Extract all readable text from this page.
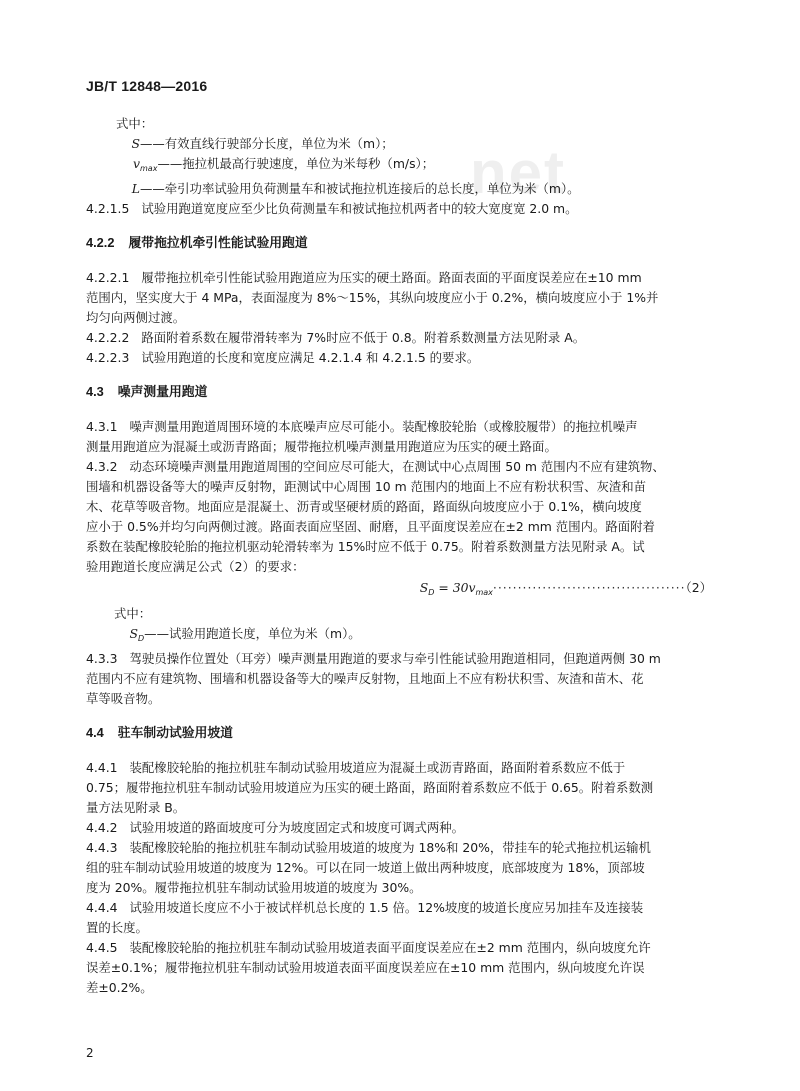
JB/T 12848—2016
net

式中：

S——有效直线行驶部分长度，单位为米（m）；

$v_{max}——$拖拉机最高行驶速度，单位为米每秒（m/s）；

L——牵引功率试验用负荷测量车和被试拖拉机连接后的总长度，单位为米（m）。

4.2.1.5 试验用跑道宽度应至少比负荷测量车和被试拖拉机两者中的较大宽度宽 2.0 m。

4.2.2 履带拖拉机牵引性能试验用跑道

4.2.2.1 履带拖拉机牵引性能试验用跑道应为压实的硬土路面。路面表面的平面度误差应在±10 mm
范围内，坚实度大于 4 MPa，表面湿度为 8%～15%，其纵向坡度应小于 0.2%，横向坡度应小于 1%并
均匀向两侧过渡。

4.2.2.2 路面附着系数在履带滑转率为 7%时应不低于 0.8。附着系数测量方法见附录 A。

4.2.2.3 试验用跑道的长度和宽度应满足 4.2.1.4 和 4.2.1.5 的要求。

4.3 噪声测量用跑道

4.3.1 噪声测量用跑道周围环境的本底噪声应尽可能小。装配橡胶轮胎（或橡胶履带）的拖拉机噪声
测量用跑道应为混凝土或沥青路面；履带拖拉机噪声测量用跑道应为压实的硬土路面。

4.3.2 动态环境噪声测量用跑道周围的空间应尽可能大，在测试中心点周围 50 m 范围内不应有建筑物、
围墙和机器设备等大的噪声反射物，距测试中心周围 10 m 范围内的地面上不应有粉状积雪、灰渣和苗
木、花草等吸音物。地面应是混凝土、沥青或坚硬材质的路面，路面纵向坡度应小于 0.1%，横向坡度
应小于 0.5%并均匀向两侧过渡。路面表面应坚固、耐磨，且平面度误差应在±2 mm 范围内。路面附着
系数在装配橡胶轮胎的拖拉机驱动轮滑转率为 15%时应不低于 0.75。附着系数测量方法见附录 A。试
验用跑道长度应满足公式（2）的要求：

$S_D = 30v_{max}\cdot\cdot\cdot\cdot\cdot\cdot\cdot\cdot\cdot\cdot\cdot\cdot\cdot\cdot\cdot\cdot\cdot\cdot\cdot\cdot\cdot\cdot\cdot\cdot\cdot\cdot\cdot\cdot\cdot\cdot\cdot\cdot\cdot\cdot\cdot\cdot\cdot\cdot\cdot(2)$

式中：

$S_D——$试验用跑道长度，单位为米（m）。

4.3.3 驾驶员操作位置处（耳旁）噪声测量用跑道的要求与牵引性能试验用跑道相同，但跑道两侧 30 m
范围内不应有建筑物、围墙和机器设备等大的噪声反射物，且地面上不应有粉状积雪、灰渣和苗木、花
草等吸音物。

4.4 驻车制动试验用坡道

4.4.1 装配橡胶轮胎的拖拉机驻车制动试验用坡道应为混凝土或沥青路面，路面附着系数应不低于
0.75；履带拖拉机驻车制动试验用坡道应为压实的硬土路面，路面附着系数应不低于 0.65。附着系数测
量方法见附录 B。

4.4.2 试验用坡道的路面坡度可分为坡度固定式和坡度可调式两种。

4.4.3 装配橡胶轮胎的拖拉机驻车制动试验用坡道的坡度为 18%和 20%，带挂车的轮式拖拉机运输机
组的驻车制动试验用坡道的坡度为 12%。可以在同一坡道上做出两种坡度，底部坡度为 18%，顶部坡
度为 20%。履带拖拉机驻车制动试验用坡道的坡度为 30%。

4.4.4 试验用坡道长度应不小于被试样机总长度的 1.5 倍。12%坡度的坡道长度应另加挂车及连接装
置的长度。

4.4.5 装配橡胶轮胎的拖拉机驻车制动试验用坡道表面平面度误差应在±2 mm 范围内，纵向坡度允许
误差±0.1%；履带拖拉机驻车制动试验用坡道表面平面度误差应在±10 mm 范围内，纵向坡度允许误
差±0.2%。

2
